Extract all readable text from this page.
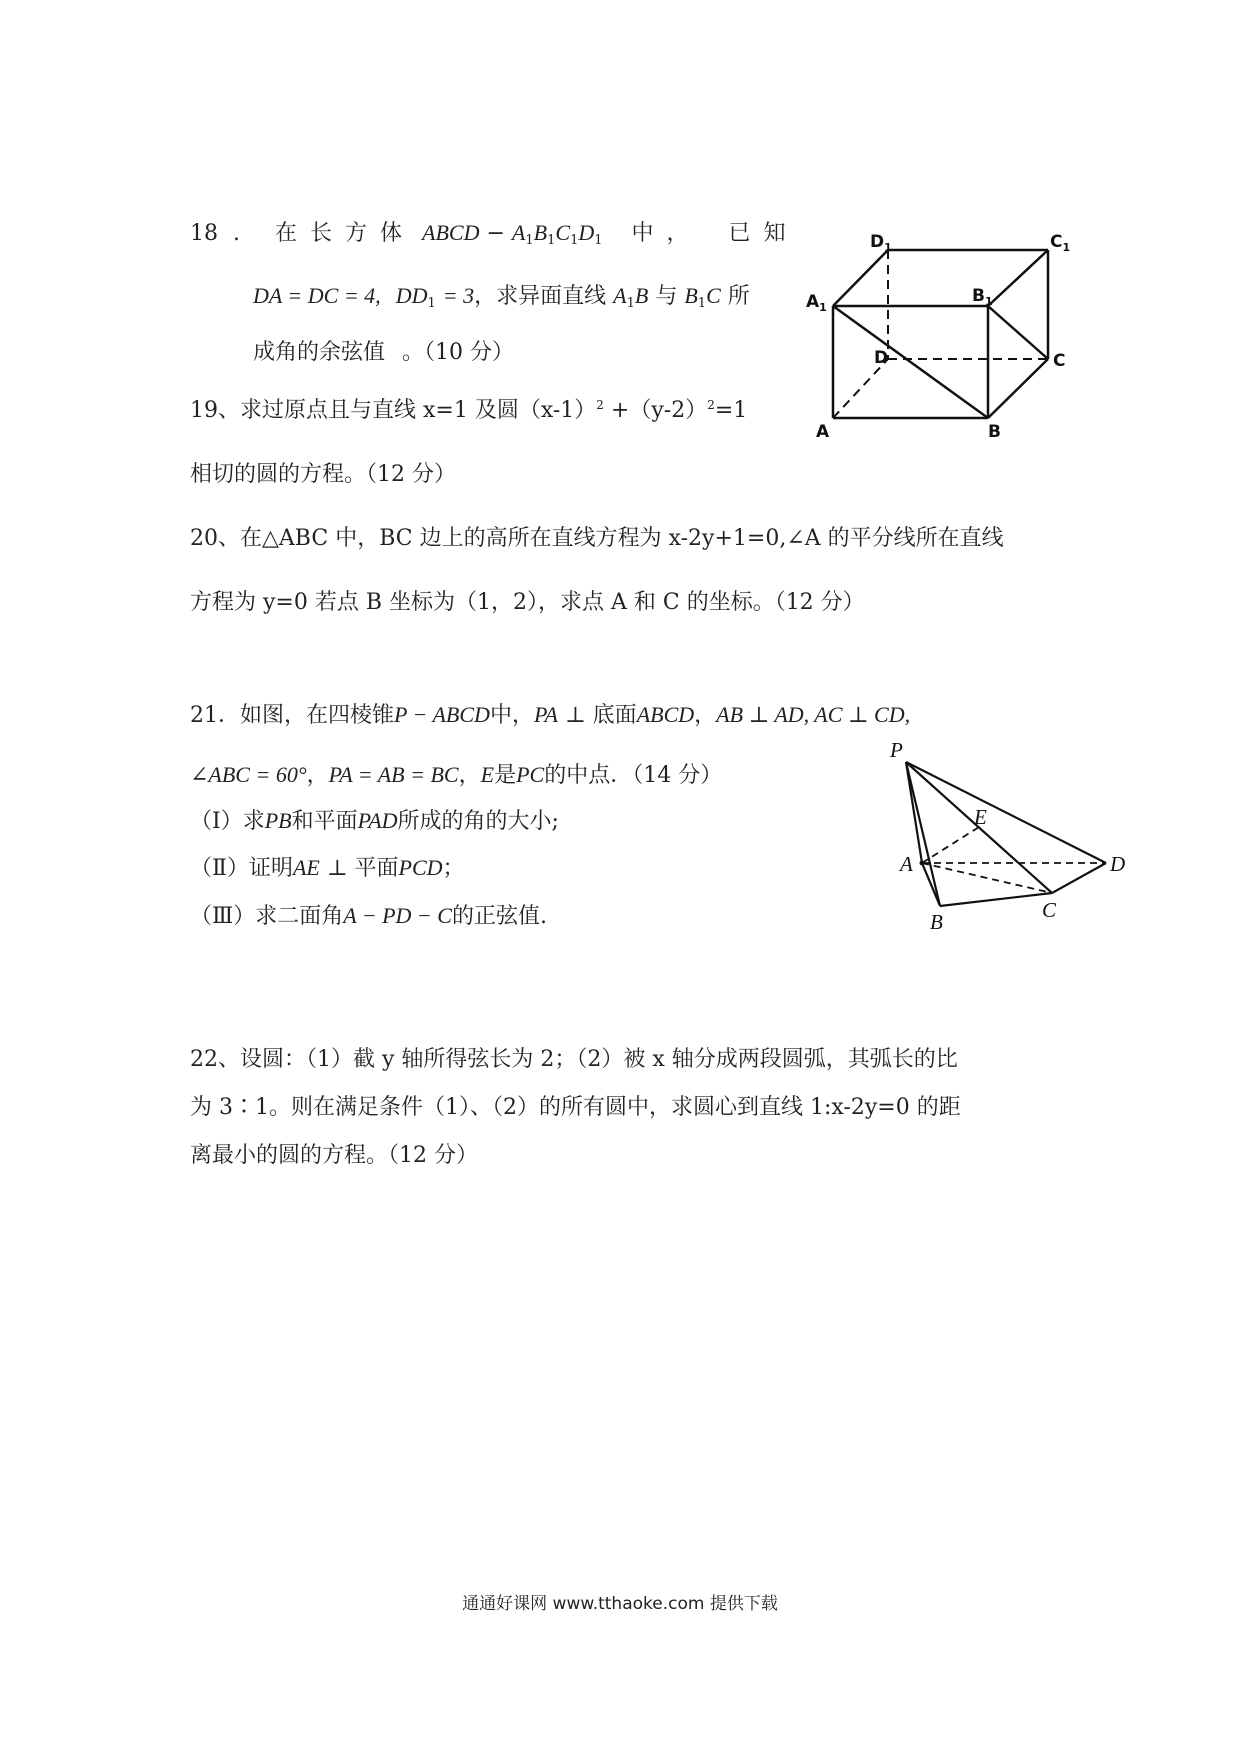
18 . 在长方体 ABCD − $A_1B_1C_1D_1$ 中， 已知
DA = DC = 4, $DD_1 = 3$，求异面直线 $A_1B$ 与 $B_1C$ 所
成角的余弦值 。（10 分）
$D_1$	$C_1$
$A_1$
$B_1$
D	C
A	B
19、求过原点且与直线 x=1 及圆$(x-1)^2 +(y-2)^2=1$
相切的圆的方程。（12 分）
20、在△ABC 中，BC 边上的高所在直线方程为 x-2y+1=0,∠A 的平分线所在直线
方程为 y=0 若点 B 坐标为（1，2），求点 A 和 C 的坐标。（12 分）
21．如图，在四棱锥P − ABCD中，PA ⊥ 底面ABCD，AB ⊥ AD, AC ⊥ CD,
∠ABC = 60°，PA = AB = BC，E是PC的中点．（14 分）
（Ⅰ）求PB和平面PAD所成的角的大小;
（Ⅱ）证明AE ⊥ 平面PCD；
（Ⅲ）求二面角A − PD − C的正弦值.
P
E
A	D
C
B
22、设圆：（1）截 y 轴所得弦长为 2；（2）被 x 轴分成两段圆弧，其弧长的比
为 3∶1。则在满足条件（1）、（2）的所有圆中，求圆心到直线 1:x-2y=0 的距
离最小的圆的方程。（12 分）
通通好课网 www.tthaoke.com 提供下载
